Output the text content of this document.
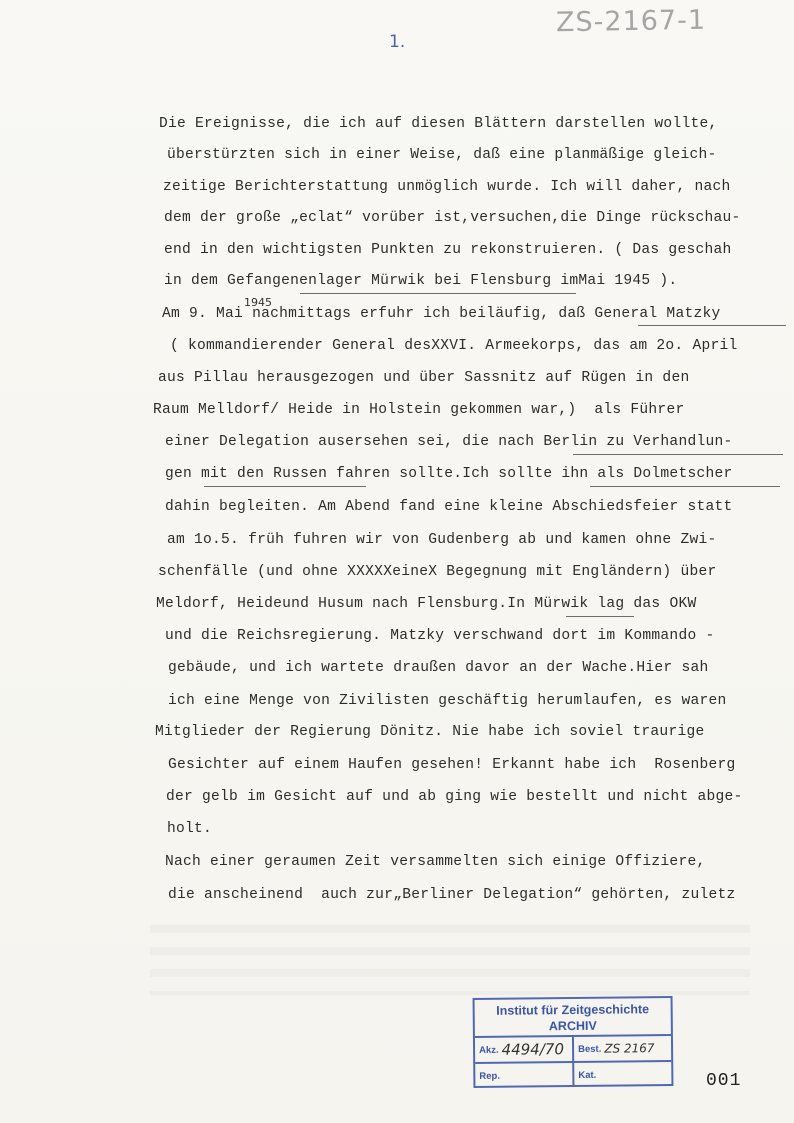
ZS-2167-1
1.
Die Ereignisse, die ich auf diesen Blättern darstellen wollte,
überstürzten sich in einer Weise, daß eine planmäßige gleich-
zeitige Berichterstattung unmöglich wurde. Ich will daher, nach
dem der große „eclat“ vorüber ist,versuchen,die Dinge rückschau-
end in den wichtigsten Punkten zu rekonstruieren. ( Das geschah
in dem Gefangenenlager Mürwik bei Flensburg imMai 1945 ).
Am 9. Mai nachmittags erfuhr ich beiläufig, daß General Matzky
( kommandierender General desXXVI. Armeekorps, das am 2o. April
aus Pillau herausgezogen und über Sassnitz auf Rügen in den
Raum Melldorf/ Heide in Holstein gekommen war,)  als Führer
einer Delegation ausersehen sei, die nach Berlin zu Verhandlun-
gen mit den Russen fahren sollte.Ich sollte ihn als Dolmetscher
dahin begleiten. Am Abend fand eine kleine Abschiedsfeier statt
am 1o.5. früh fuhren wir von Gudenberg ab und kamen ohne Zwi-
schenfälle (und ohne XXXXXeineX Begegnung mit Engländern) über
Meldorf, Heideund Husum nach Flensburg.In Mürwik lag das OKW
und die Reichsregierung. Matzky verschwand dort im Kommando -
gebäude, und ich wartete draußen davor an der Wache.Hier sah
ich eine Menge von Zivilisten geschäftig herumlaufen, es waren
Mitglieder der Regierung Dönitz. Nie habe ich soviel traurige
Gesichter auf einem Haufen gesehen! Erkannt habe ich  Rosenberg
der gelb im Gesicht auf und ab ging wie bestellt und nicht abge-
holt.
Nach einer geraumen Zeit versammelten sich einige Offiziere,
die anscheinend  auch zur„Berliner Delegation“ gehörten, zuletz
1945
Institut für Zeitgeschichte
ARCHIV
Akz. 4494/70 Best. ZS 2167
Rep.	Kat.	001
